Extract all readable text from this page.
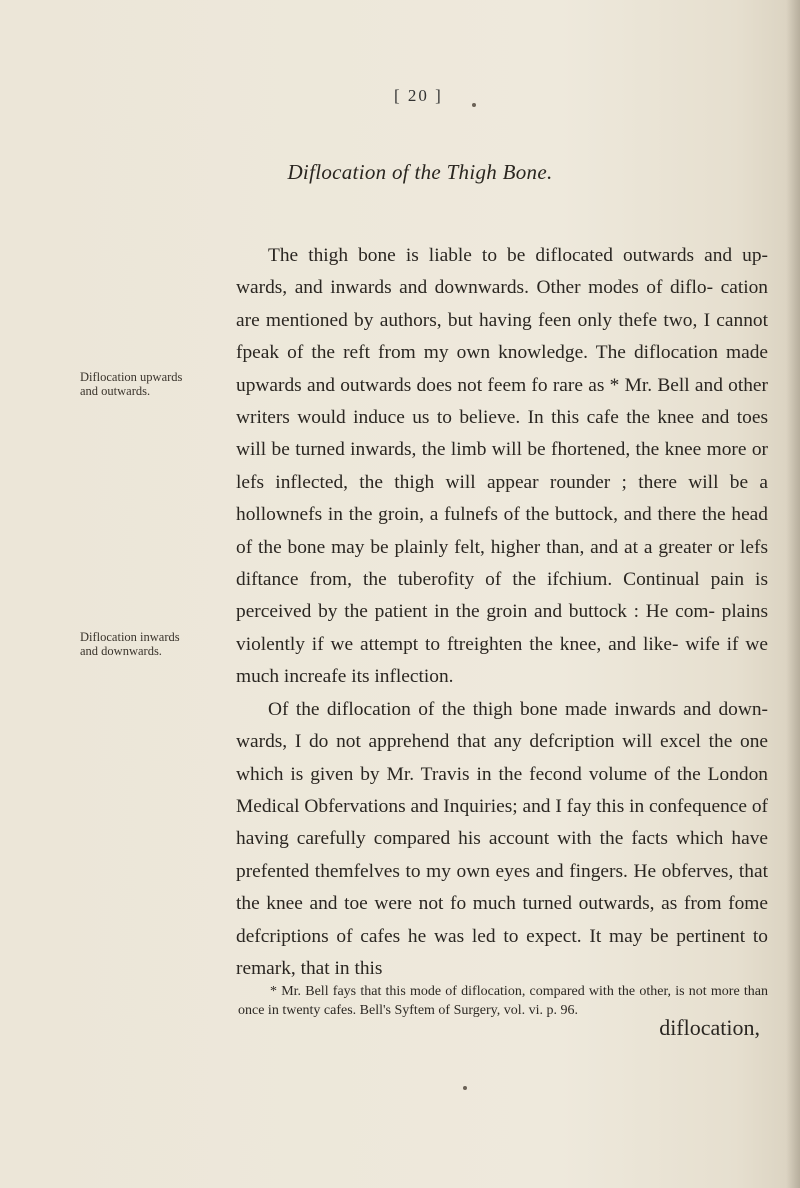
[ 20 ]
Diflocation of the Thigh Bone.
Diflocation upwards and outwards.
Diflocation inwards and downwards.

The thigh bone is liable to be diflocated outwards and up- wards, and inwards and downwards. Other modes of diflo- cation are mentioned by authors, but having feen only thefe two, I cannot fpeak of the reft from my own knowledge. The diflocation made upwards and outwards does not feem fo rare as * Mr. Bell and other writers would induce us to believe. In this cafe the knee and toes will be turned inwards, the limb will be fhortened, the knee more or lefs inflected, the thigh will appear rounder ; there will be a hollownefs in the groin, a fulnefs of the buttock, and there the head of the bone may be plainly felt, higher than, and at a greater or lefs diftance from, the tuberofity of the ifchium. Continual pain is perceived by the patient in the groin and buttock : He com- plains violently if we attempt to ftreighten the knee, and like- wife if we much increafe its inflection.

Of the diflocation of the thigh bone made inwards and down- wards, I do not apprehend that any defcription will excel the one which is given by Mr. Travis in the fecond volume of the London Medical Obfervations and Inquiries; and I fay this in confequence of having carefully compared his account with the facts which have prefented themfelves to my own eyes and fingers. He obferves, that the knee and toe were not fo much turned outwards, as from fome defcriptions of cafes he was led to expect. It may be pertinent to remark, that in this

* Mr. Bell fays that this mode of diflocation, compared with the other, is not more than once in twenty cafes. Bell's Syftem of Surgery, vol. vi. p. 96.

diflocation,
